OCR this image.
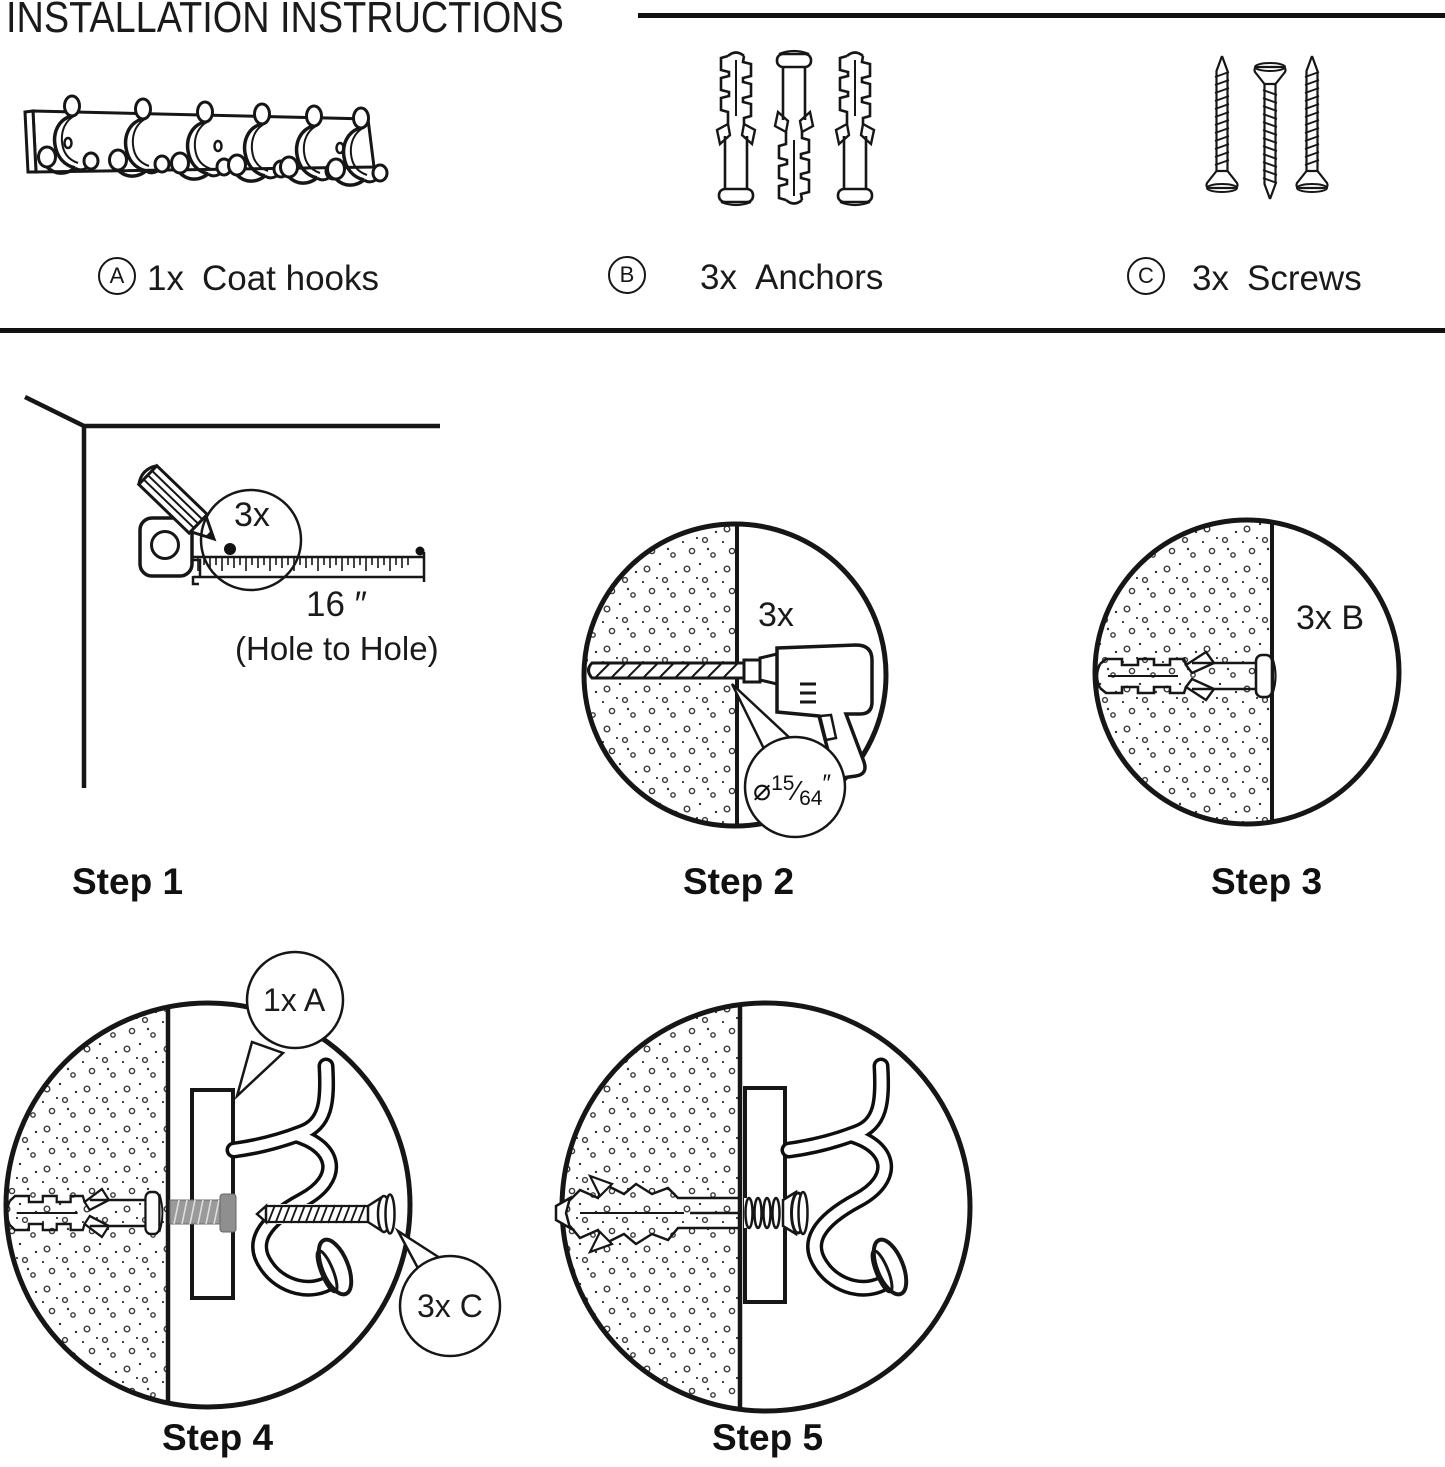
INSTALLATION INSTRUCTIONS
A 1x Coat hooks	B	3x Anchors	C	3x Screws
3x
16 ″
(Hole to Hole)
Step 1
3x
⌀$^{15}$⁄64″
Step 2
3x B
Step 3
1x A
3x C
Step 4	Step 5
